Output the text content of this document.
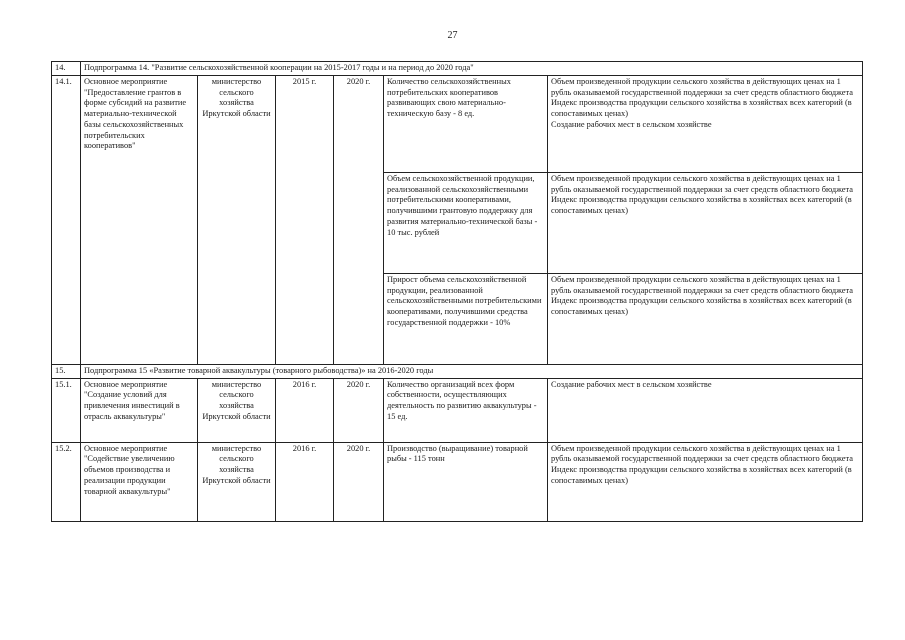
27
14.	Подпрограмма 14. "Развитие сельскохозяйственной кооперации на 2015-2017 годы и на период до 2020 года"					
14.1.	Основное мероприятие "Предоставление грантов в форме субсидий на развитие материально-технической базы сельскохозяйственных потребительских кооперативов"	министерство сельского хозяйства Иркутской области	2015 г.	2020 г.	Количество сельскохозяйственных потребительских кооперативов развивающих свою материально-техническую базу - 8 ед.	Объем произведенной продукции сельского хозяйства в действующих ценах на 1 рубль оказываемой государственной поддержки за счет средств областного бюджета
Индекс производства продукции сельского хозяйства в хозяйствах всех категорий (в сопоставимых ценах)
Создание рабочих мест в сельском хозяйстве
					Объем сельскохозяйственной продукции, реализованной сельскохозяйственными потребительскими кооперативами, получившими грантовую поддержку для развития материально-технической базы - 10 тыс. рублей	Объем произведенной продукции сельского хозяйства в действующих ценах на 1 рубль оказываемой государственной поддержки за счет средств областного бюджета
Индекс производства продукции сельского хозяйства в хозяйствах всех категорий (в сопоставимых ценах)
					Прирост объема сельскохозяйственной продукции, реализованной сельскохозяйственными потребительскими кооперативами, получившими средства государственной поддержки - 10%	Объем произведенной продукции сельского хозяйства в действующих ценах на 1 рубль оказываемой государственной поддержки за счет средств областного бюджета
Индекс производства продукции сельского хозяйства в хозяйствах всех категорий (в сопоставимых ценах)
15.	Подпрограмма 15 «Развитие товарной аквакультуры (товарного рыбоводства)» на 2016-2020 годы					
15.1.	Основное мероприятие "Создание условий для привлечения инвестиций в отрасль аквакультуры"	министерство сельского хозяйства Иркутской области	2016 г.	2020 г.	Количество организаций всех форм собственности, осуществляющих деятельность по развитию аквакультуры - 15 ед.	Создание рабочих мест в сельском хозяйстве
15.2.	Основное мероприятие "Содействие увеличению объемов производства и реализации продукции товарной аквакультуры"	министерство сельского хозяйства Иркутской области	2016 г.	2020 г.	Производство (выращивание) товарной рыбы - 115 тонн	Объем произведенной продукции сельского хозяйства в действующих ценах на 1 рубль оказываемой государственной поддержки за счет средств областного бюджета
Индекс производства продукции сельского хозяйства в хозяйствах всех категорий (в сопоставимых ценах)
